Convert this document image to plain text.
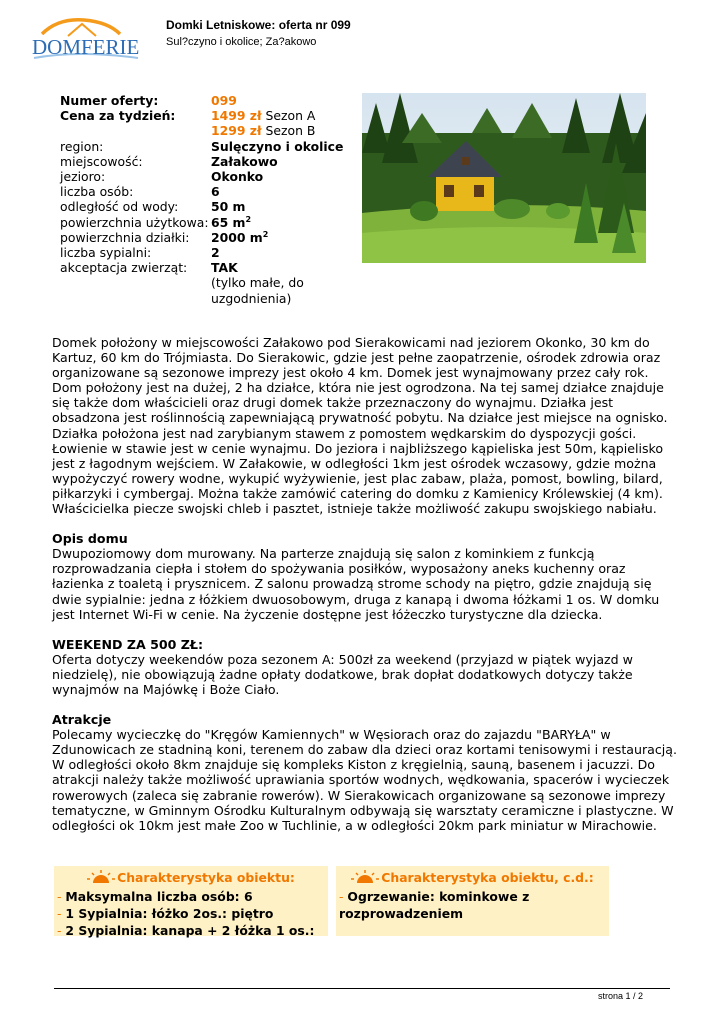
DOMFERIE
Domki Letniskowe: oferta nr 099
Sul?czyno i okolice; Za?akowo
Numer oferty:	099
Cena za tydzień:	1499 zł Sezon A
1299 zł Sezon B
region:	Sulęczyno i okolice
miejscowość:	Załakowo
jezioro:	Okonko
liczba osób:	6
odległość od wody:	50 m
powierzchnia użytkowa: 65 $m^2$
powierzchnia działki:	2000 $m^2$
liczba sypialni:	2
akceptacja zwierząt:	TAK
(tylko małe, do
uzgodnienia)

Domek położony w miejscowości Załakowo pod Sierakowicami nad jeziorem Okonko, 30 km do Kartuz, 60 km do Trójmiasta. Do Sierakowic, gdzie jest pełne zaopatrzenie, ośrodek zdrowia oraz organizowane są sezonowe imprezy jest około 4 km. Domek jest wynajmowany przez cały rok. Dom położony jest na dużej, 2 ha działce, która nie jest ogrodzona. Na tej samej działce znajduje się także dom właścicieli oraz drugi domek także przeznaczony do wynajmu. Działka jest obsadzona jest roślinnością zapewniającą prywatność pobytu. Na działce jest miejsce na ognisko. Działka położona jest nad zarybianym stawem z pomostem wędkarskim do dyspozycji gości. Łowienie w stawie jest w cenie wynajmu. Do jeziora i najbliższego kąpieliska jest 50m, kąpielisko jest z łagodnym wejściem. W Załakowie, w odległości 1km jest ośrodek wczasowy, gdzie można wypożyczyć rowery wodne, wykupić wyżywienie, jest plac zabaw, plaża, pomost, bowling, bilard, piłkarzyki i cymbergaj. Można także zamówić catering do domku z Kamienicy Królewskiej (4 km). Właścicielka piecze swojski chleb i pasztet, istnieje także możliwość zakupu swojskiego nabiału.

Opis domu

Dwupoziomowy dom murowany. Na parterze znajdują się salon z kominkiem z funkcją rozprowadzania ciepła i stołem do spożywania posiłków, wyposażony aneks kuchenny oraz łazienka z toaletą i prysznicem. Z salonu prowadzą strome schody na piętro, gdzie znajdują się dwie sypialnie: jedna z łóżkiem dwuosobowym, druga z kanapą i dwoma łóżkami 1 os. W domku jest Internet Wi-Fi w cenie. Na życzenie dostępne jest łóżeczko turystyczne dla dziecka.

WEEKEND ZA 500 ZŁ:

Oferta dotyczy weekendów poza sezonem A: 500zł za weekend (przyjazd w piątek wyjazd w niedzielę), nie obowiązują żadne opłaty dodatkowe, brak dopłat dodatkowych dotyczy także wynajmów na Majówkę i Boże Ciało.

Atrakcje

Polecamy wycieczkę do "Kręgów Kamiennych" w Węsiorach oraz do zajazdu "BARYŁA" w Zdunowicach ze stadniną koni, terenem do zabaw dla dzieci oraz kortami tenisowymi i restauracją. W odległości około 8km znajduje się kompleks Kiston z kręgielnią, sauną, basenem i jacuzzi. Do atrakcji należy także możliwość uprawiania sportów wodnych, wędkowania, spacerów i wycieczek rowerowych (zaleca się zabranie rowerów). W Sierakowicach organizowane są sezonowe imprezy tematyczne, w Gminnym Ośrodku Kulturalnym odbywają się warsztaty ceramiczne i plastyczne. W odległości ok 10km jest małe Zoo w Tuchlinie, a w odległości 20km park miniatur w Mirachowie.

Charakterystyka obiektu:
- Maksymalna liczba osób: 6
- 1 Sypialnia: łóżko 2os.: piętro
- 2 Sypialnia: kanapa + 2 łóżka 1 os.:
Charakterystyka obiektu, c.d.:
- Ogrzewanie: kominkowe z rozprowadzeniem
strona 1 / 2
